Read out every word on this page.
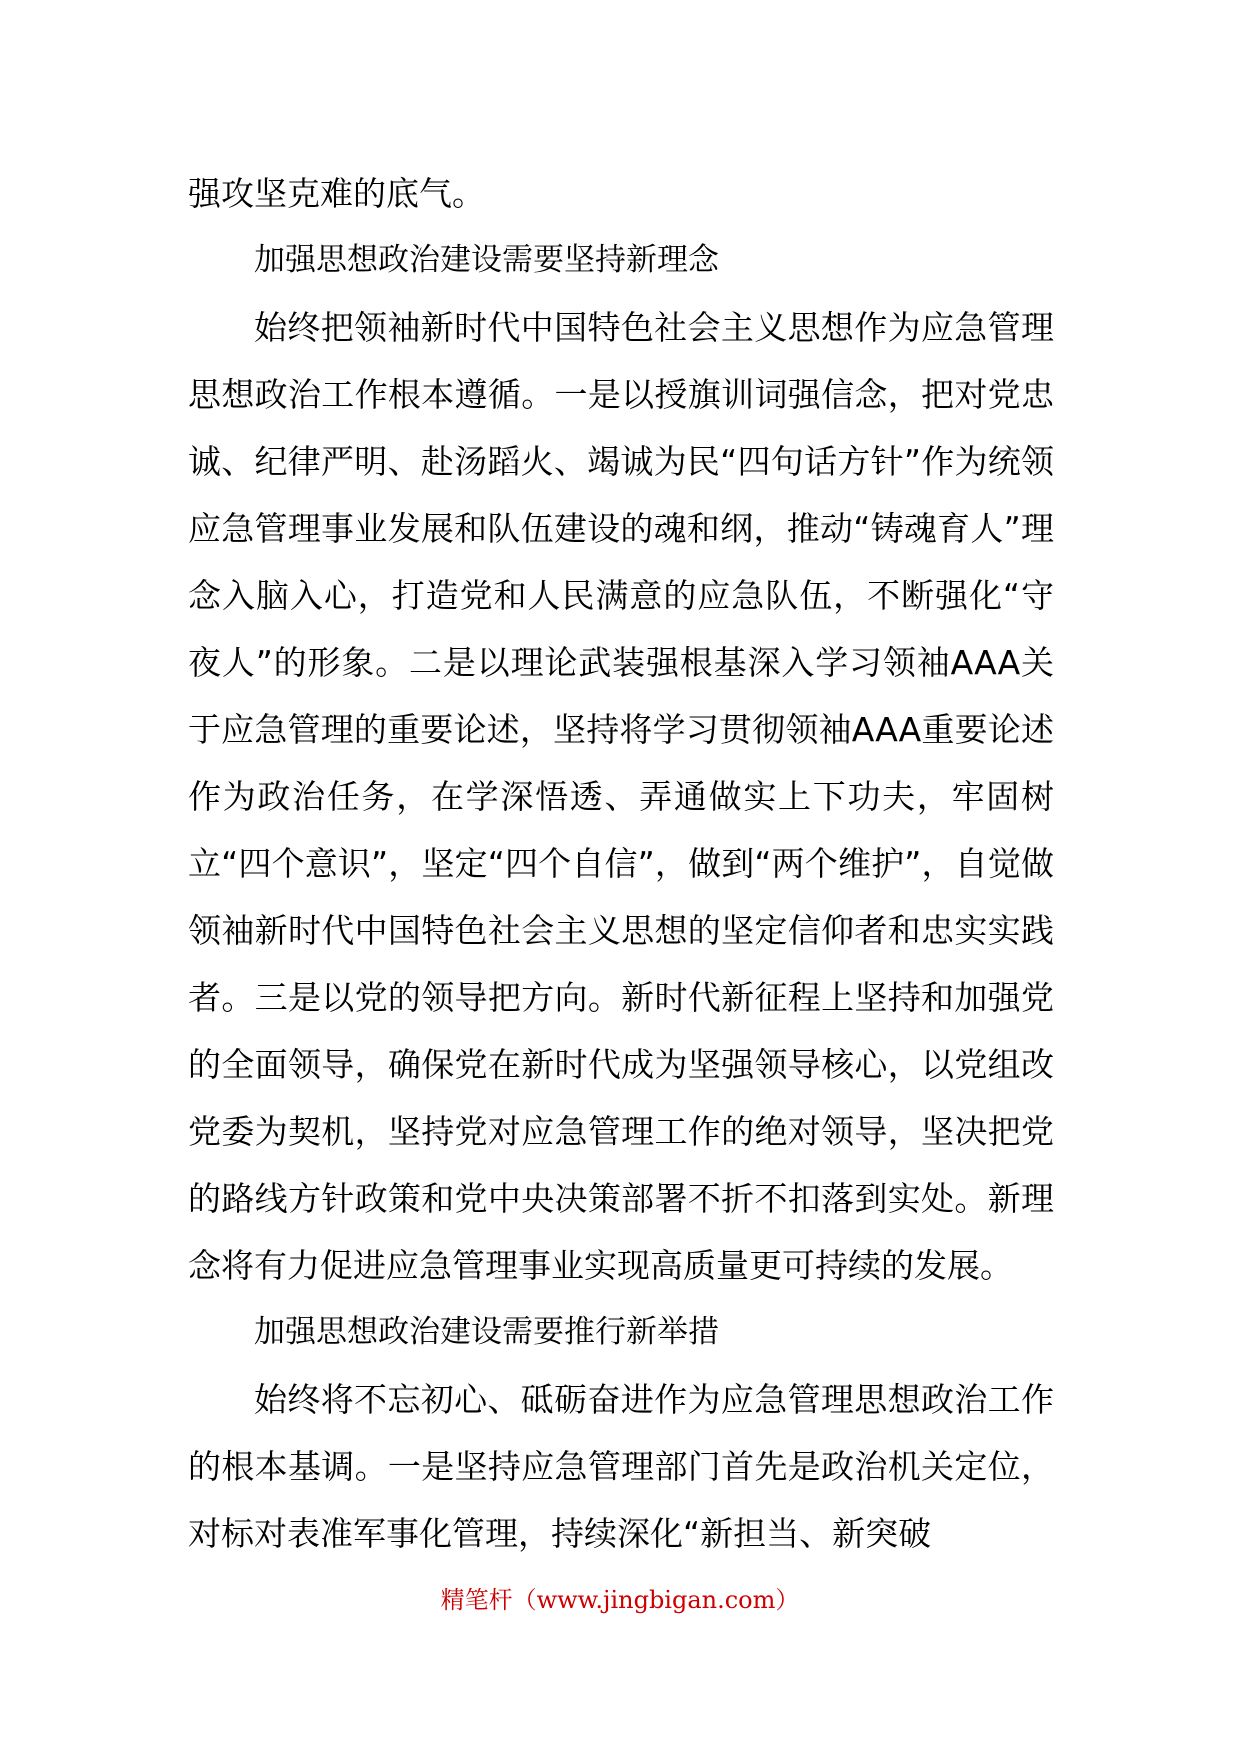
强攻坚克难的底气。

加强思想政治建设需要坚持新理念

始终把领袖新时代中国特色社会主义思想作为应急管理思想政治工作根本遵循。一是以授旗训词强信念，把对党忠诚、纪律严明、赴汤蹈火、竭诚为民“四句话方针”作为统领应急管理事业发展和队伍建设的魂和纲，推动“铸魂育人”理念入脑入心，打造党和人民满意的应急队伍，不断强化“守夜人”的形象。二是以理论武装强根基深入学习领袖AAA关于应急管理的重要论述，坚持将学习贯彻领袖AAA重要论述作为政治任务，在学深悟透、弄通做实上下功夫，牢固树立“四个意识”，坚定“四个自信”，做到“两个维护”，自觉做领袖新时代中国特色社会主义思想的坚定信仰者和忠实实践者。三是以党的领导把方向。新时代新征程上坚持和加强党的全面领导，确保党在新时代成为坚强领导核心，以党组改党委为契机，坚持党对应急管理工作的绝对领导，坚决把党的路线方针政策和党中央决策部署不折不扣落到实处。新理念将有力促进应急管理事业实现高质量更可持续的发展。

加强思想政治建设需要推行新举措

始终将不忘初心、砥砺奋进作为应急管理思想政治工作的根本基调。一是坚持应急管理部门首先是政治机关定位，对标对表准军事化管理，持续深化“新担当、新突破

精笔杆（www.jingbigan.com）
